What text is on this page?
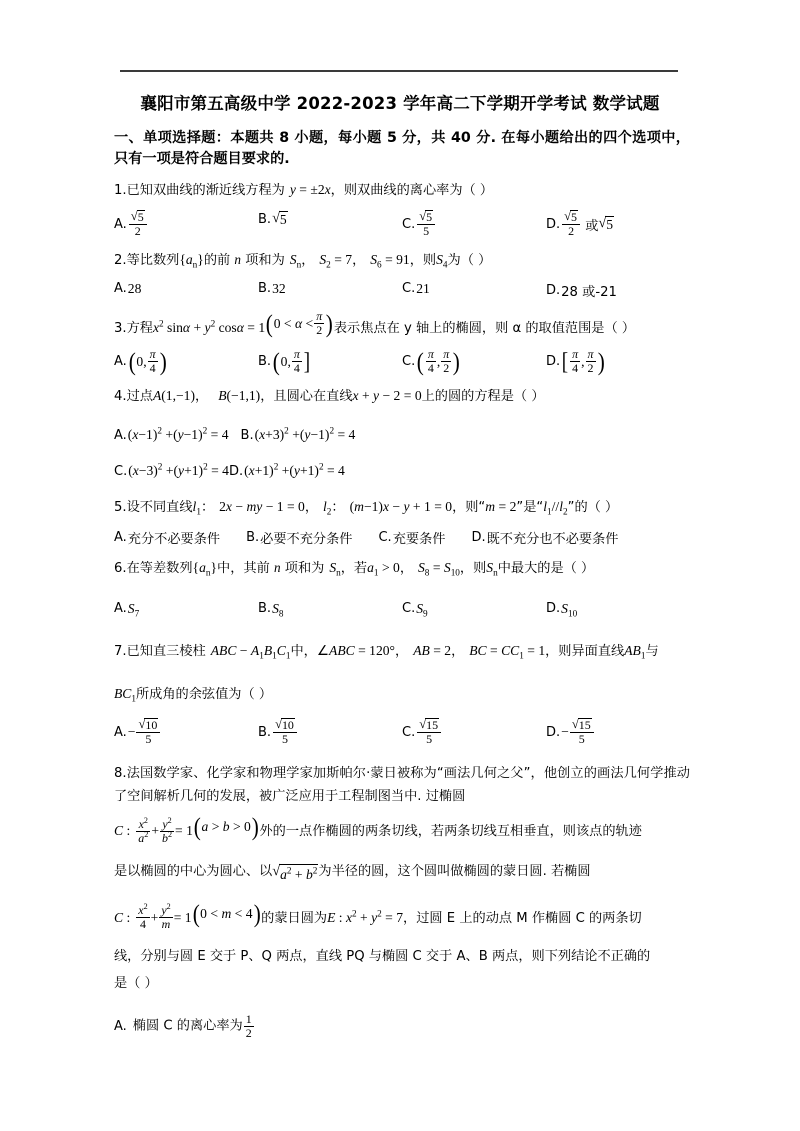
襄阳市第五高级中学 2022-2023 学年高二下学期开学考试 数学试题
一、单项选择题：本题共 8 小题，每小题 5 分，共 40 分. 在每小题给出的四个选项中，只有一项是符合题目要求的.
1.已知双曲线的渐近线方程为 y = ±2x，则双曲线的离心率为（ ）
A. $\frac{√ 5}{2}$	B. √ 5	C. $\frac{√ 5}{5}$	D. $\frac{√ 5}{2}$ 或 √ 5
2.等比数列$\{a_n\}$的前 n 项和为 $S_n$， $S_2 = 7$， $S_6 = 91$，则$S_4$为（ ）
A. 28	B. 32	C. 21	D. 28 或-21
3.方程$x^2$ $\sin\alpha + y^2$ cosα = 1 ( $0 < \alpha < \frac{\pi}{2}$ ) 表示焦点在 y 轴上的椭圆，则 α 的取值范围是（ ）
A. ( 0, $\frac{\pi}{4}$ )	B. ( 0, $\frac{\pi}{4}$ ]	C. ( $\frac{\pi}{4}$ , $\frac{\pi}{2}$ )	D. [ $\frac{\pi}{4}$ , $\frac{\pi}{2}$ )
4.过点A(1,−1)， B(−1,1)，且圆心在直线x + y − 2 = 0上的圆的方程是（ ）
A. $(x-1)^2 +(y-1)^2 = 4$ B. $(x+3)^2 +(y-1)^2 = 4$
C. $(x-3)^2 +(y+1)^2 = 4$ D. $(x+1)^2 +(y+1)^2 = 4$
5.设不同直线$l_1$： 2x − my − 1 = 0， $l_2$： (m−1)x − y + 1 = 0，则“m = 2”是“$l_1//l_2$”的（ ）
A. 充分不必要条件 B. 必要不充分条件 C. 充要条件 D. 既不充分也不必要条件
6.在等差数列$\{a_n\}$中，其前 n 项和为 $S_n$，若$a_1 > 0$， $S_8 = S_{10}$，则$S_n$中最大的是（ ）
A. $S_7$	B. $S_8$	C. $S_9$	D. $S_{10}$
7.已知直三棱柱 ABC − $A_1B_1C_1$中，∠ABC = 120°， AB = 2， BC = $CC_1 = 1$，则异面直线$AB_1$与
$BC_1$所成角的余弦值为（ ）
A. − $\frac{√ 10}{5}$	B. $\frac{√ 10}{5}$	C. $\frac{√ 15}{5}$	D. − $\frac{√ 15}{5}$
8.法国数学家、化学家和物理学家加斯帕尔·蒙日被称为“画法几何之父”，他创立的画法几何学推动了空间解析几何的发展，被广泛应用于工程制图当中. 过椭圆
C : $\frac{x^2}{a^2} + \frac{y^2}{b^2} = 1$ ( a > b > 0 ) 外的一点作椭圆的两条切线，若两条切线互相垂直，则该点的轨迹
是以椭圆的中心为圆心、以 √ $a^2 + b^2$ 为半径的圆，这个圆叫做椭圆的蒙日圆. 若椭圆
C : $\frac{x^2}{4} + \frac{y^2}{m} = 1$ ( 0 < m < 4 ) 的蒙日圆为E : $x^2 + y^2 = 7$，过圆 E 上的动点 M 作椭圆 C 的两条切
线，分别与圆 E 交于 P、Q 两点，直线 PQ 与椭圆 C 交于 A、B 两点，则下列结论不正确的
是（ ）
A. 椭圆 C 的离心率为 $\frac{1}{2}$
